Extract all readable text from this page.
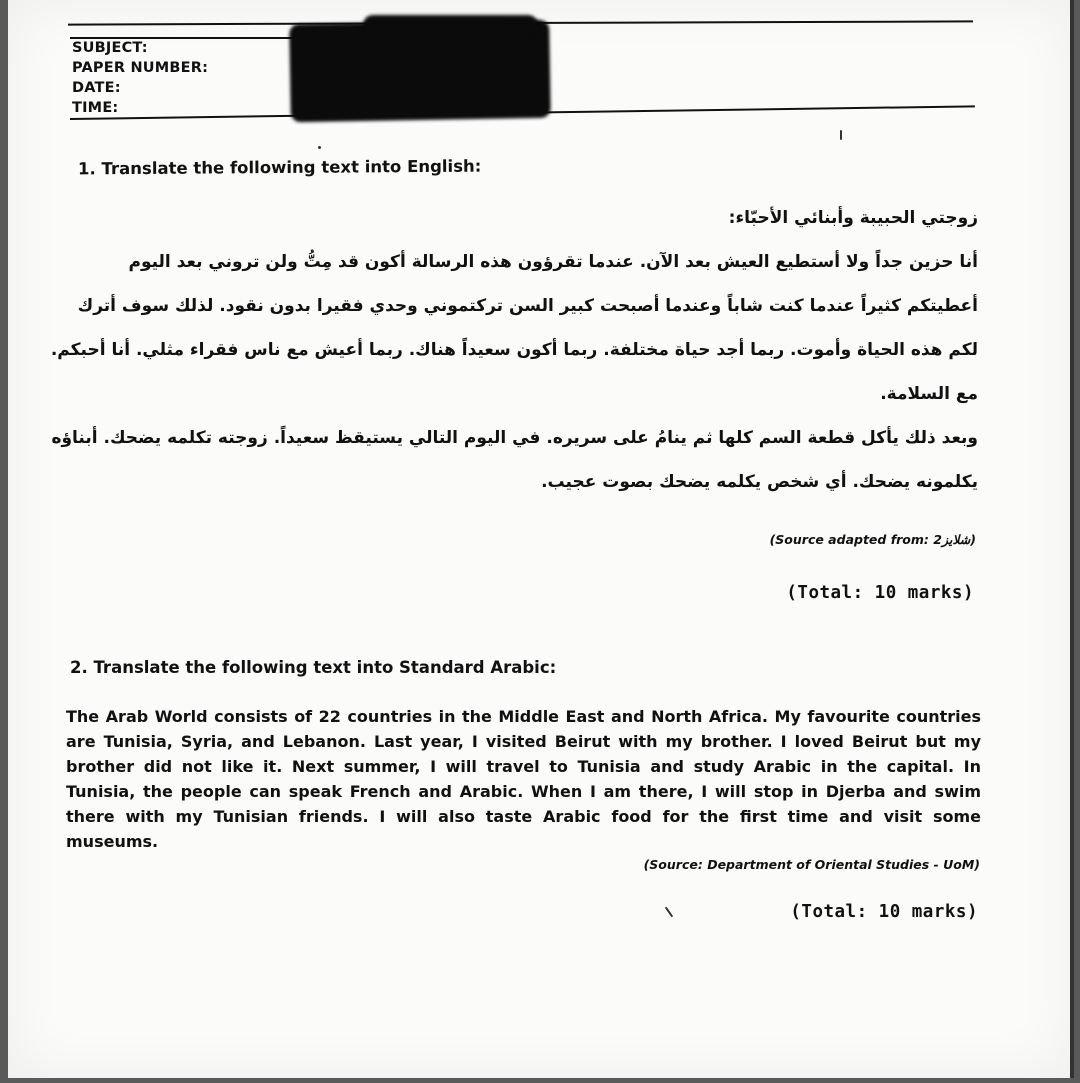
SUBJECT:
PAPER NUMBER:
DATE:
TIME:
1. Translate the following text into English:

زوجتي الحبيبة وأبنائي الأحبّاء:

أنا حزين جداً ولا أستطيع العيش بعد الآن. عندما تقرؤون هذه الرسالة أكون قد مِتُّ ولن تروني بعد اليوم

أعطيتكم كثيراً عندما كنت شاباً وعندما أصبحت كبير السن تركتموني وحدي فقيرا بدون نقود. لذلك سوف أترك

لكم هذه الحياة وأموت. ربما أجد حياة مختلفة. ربما أكون سعيداً هناك. ربما أعيش مع ناس فقراء مثلي. أنا أحبكم.

مع السلامة.

وبعد ذلك يأكل قطعة السم كلها ثم ينامُ على سريره. في اليوم التالي يستيقظ سعيداً. زوجته تكلمه يضحك. أبناؤه

يكلمونه يضحك. أي شخص يكلمه يضحك بصوت عجيب.

(Source adapted from: 2شلايز)
(Total: 10 marks)
2. Translate the following text into Standard Arabic:
The Arab World consists of 22 countries in the Middle East and North Africa. My favourite countries are Tunisia, Syria, and Lebanon. Last year, I visited Beirut with my brother. I loved Beirut but my brother did not like it. Next summer, I will travel to Tunisia and study Arabic in the capital. In Tunisia, the people can speak French and Arabic. When I am there, I will stop in Djerba and swim there with my Tunisian friends. I will also taste Arabic food for the first time and visit some museums.
(Source: Department of Oriental Studies - UoM)
(Total: 10 marks)
